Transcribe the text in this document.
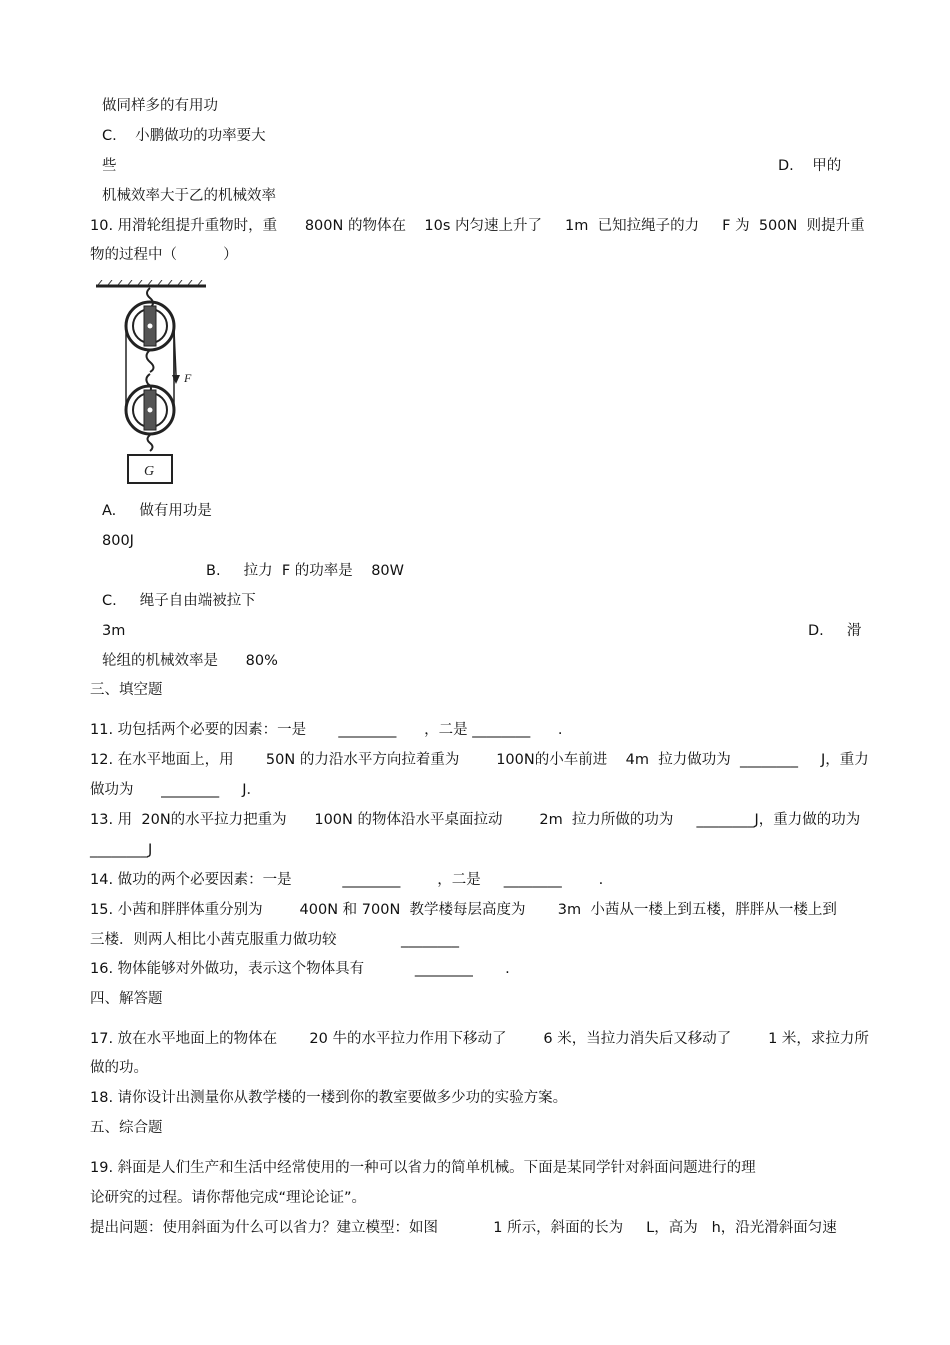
做同样多的有用功
C.    小鹏做功的功率要大
些	D.    甲的
机械效率大于乙的机械效率
10. 用滑轮组提升重物时，重      800N 的物体在    10s 内匀速上升了     1m  已知拉绳子的力     F 为  500N  则提升重
物的过程中（          ）
F
G
A.     做有用功是
800J
B.     拉力  F 的功率是    80W
C.     绳子自由端被拉下
3m	D.     滑
轮组的机械效率是      80%
三、填空题
11. 功包括两个必要的因素：一是       ________      ，二是 ________      .
12. 在水平地面上，用       50N 的力沿水平方向拉着重为        100N的小车前进    4m  拉力做功为  ________     J，重力
做功为      ________     J．
13. 用  20N的水平拉力把重为      100N 的物体沿水平桌面拉动        2m  拉力所做的功为     ________J，重力做的功为
________J
14. 做功的两个必要因素：一是           ________        ，二是     ________        .
15. 小茜和胖胖体重分别为        400N 和 700N  教学楼每层高度为       3m  小茜从一楼上到五楼，胖胖从一楼上到
三楼．则两人相比小茜克服重力做功较              ________
16. 物体能够对外做功，表示这个物体具有           ________       .
四、解答题
17. 放在水平地面上的物体在       20 牛的水平拉力作用下移动了        6 米，当拉力消失后又移动了        1 米，求拉力所
做的功。
18. 请你设计出测量你从教学楼的一楼到你的教室要做多少功的实验方案。
五、综合题
19. 斜面是人们生产和生活中经常使用的一种可以省力的简单机械。下面是某同学针对斜面问题进行的理
论研究的过程。请你帮他完成“理论论证”。
提出问题：使用斜面为什么可以省力？建立模型：如图            1 所示，斜面的长为     L，高为   h，沿光滑斜面匀速
